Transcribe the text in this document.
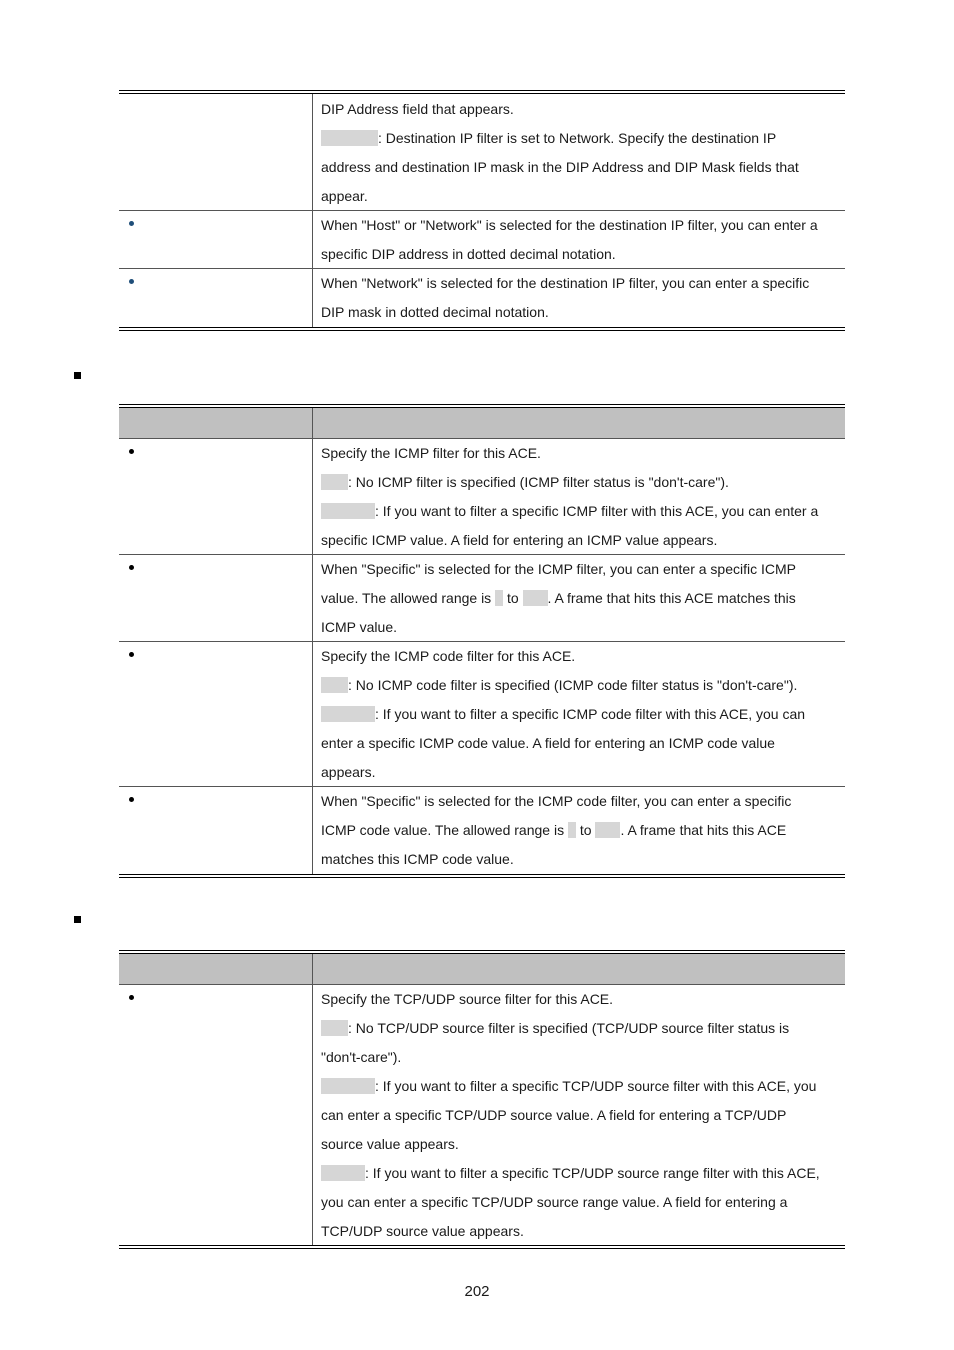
DIP Address field that appears.
: Destination IP filter is set to Network. Specify the destination IP
address and destination IP mask in the DIP Address and DIP Mask fields that
appear.
When "Host" or "Network" is selected for the destination IP filter, you can enter a
specific DIP address in dotted decimal notation.
When "Network" is selected for the destination IP filter, you can enter a specific
DIP mask in dotted decimal notation.
Specify the ICMP filter for this ACE.
: No ICMP filter is specified (ICMP filter status is "don't-care").
: If you want to filter a specific ICMP filter with this ACE, you can enter a
specific ICMP value. A field for entering an ICMP value appears.
When "Specific" is selected for the ICMP filter, you can enter a specific ICMP
value. The allowed range is to . A frame that hits this ACE matches this
ICMP value.
Specify the ICMP code filter for this ACE.
: No ICMP code filter is specified (ICMP code filter status is "don't-care").
: If you want to filter a specific ICMP code filter with this ACE, you can
enter a specific ICMP code value. A field for entering an ICMP code value
appears.
When "Specific" is selected for the ICMP code filter, you can enter a specific
ICMP code value. The allowed range is to . A frame that hits this ACE
matches this ICMP code value.
Specify the TCP/UDP source filter for this ACE.
: No TCP/UDP source filter is specified (TCP/UDP source filter status is
"don't-care").
: If you want to filter a specific TCP/UDP source filter with this ACE, you
can enter a specific TCP/UDP source value. A field for entering a TCP/UDP
source value appears.
: If you want to filter a specific TCP/UDP source range filter with this ACE,
you can enter a specific TCP/UDP source range value. A field for entering a
TCP/UDP source value appears.
202
